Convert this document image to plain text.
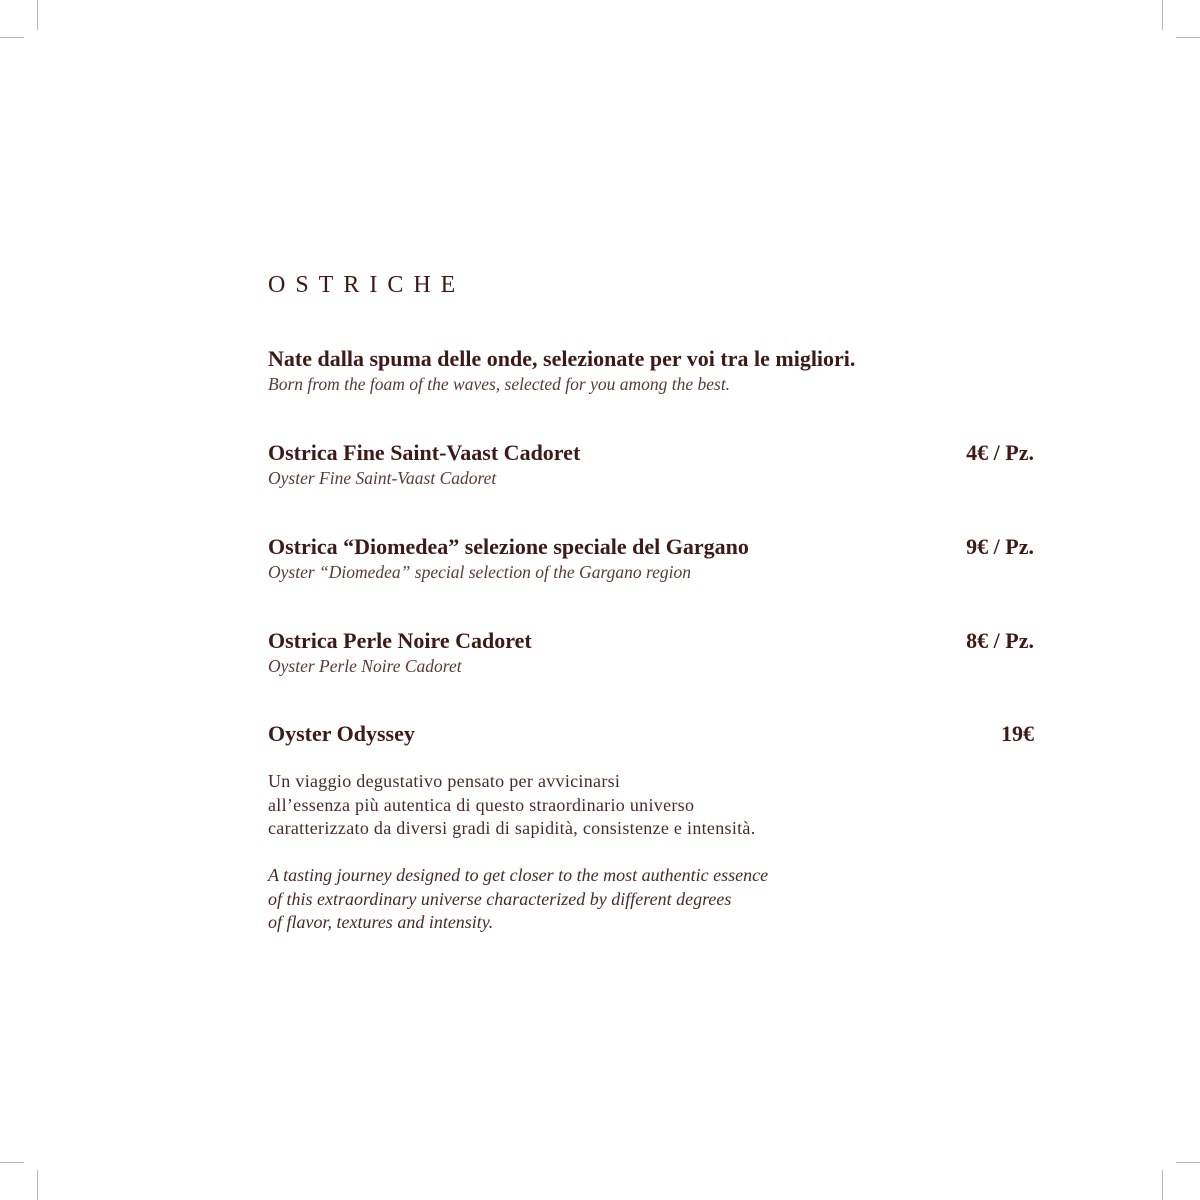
OSTRICHE
Nate dalla spuma delle onde, selezionate per voi tra le migliori.
Born from the foam of the waves, selected for you among the best.
Ostrica Fine Saint-Vaast Cadoret	4€ / Pz.
Oyster Fine Saint-Vaast Cadoret
Ostrica “Diomedea” selezione speciale del Gargano	9€ / Pz.
Oyster “Diomedea” special selection of the Gargano region
Ostrica Perle Noire Cadoret	8€ / Pz.
Oyster Perle Noire Cadoret
Oyster Odyssey	19€
Un viaggio degustativo pensato per avvicinarsi
all’essenza più autentica di questo straordinario universo
caratterizzato da diversi gradi di sapidità, consistenze e intensità.
A tasting journey designed to get closer to the most authentic essence
of this extraordinary universe characterized by different degrees
of flavor, textures and intensity.
